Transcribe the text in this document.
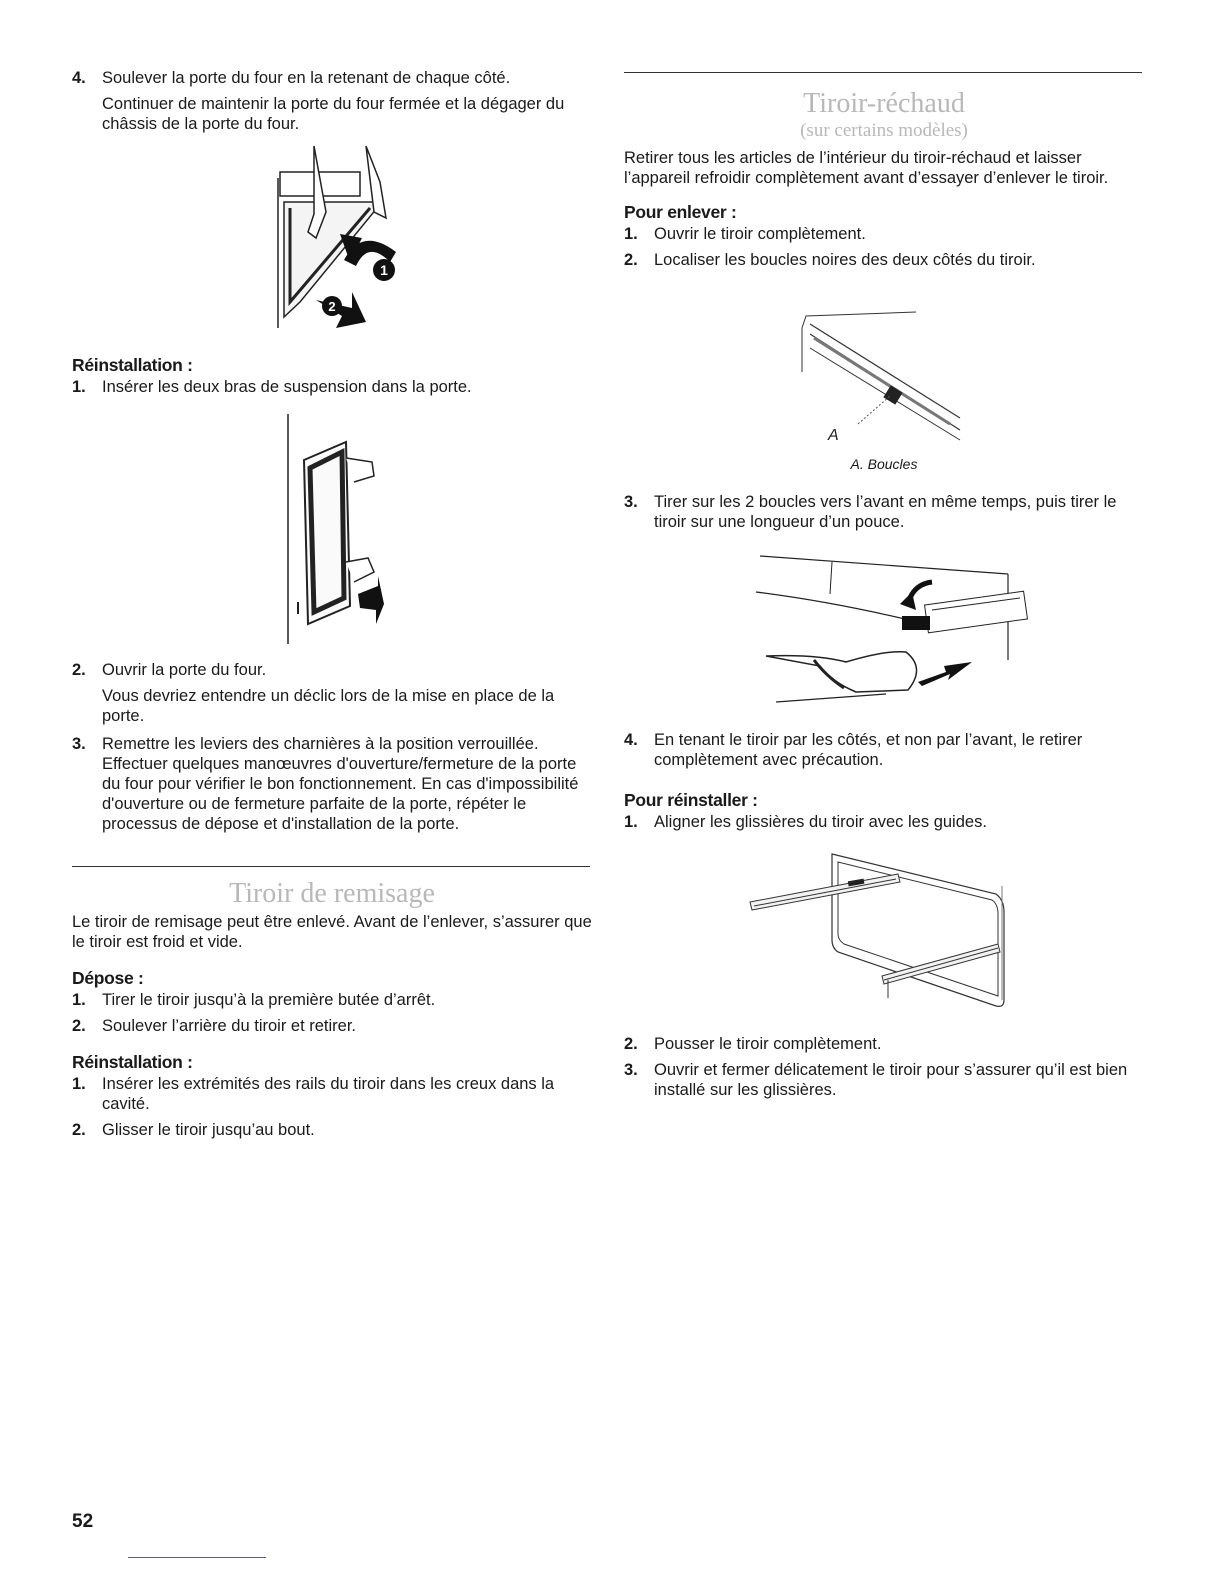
4. Soulever la porte du four en la retenant de chaque côté.

Continuer de maintenir la porte du four fermée et la dégager du châssis de la porte du four.

1
2
Réinstallation :
1. Insérer les deux bras de suspension dans la porte.

2. Ouvrir la porte du four.

Vous devriez entendre un déclic lors de la mise en place de la porte.

3. Remettre les leviers des charnières à la position verrouillée. Effectuer quelques manœuvres d'ouverture/fermeture de la porte du four pour vérifier le bon fonctionnement. En cas d'impossibilité d'ouverture ou de fermeture parfaite de la porte, répéter le processus de dépose et d'installation de la porte.

Tiroir de remisage

Le tiroir de remisage peut être enlevé. Avant de l’enlever, s’assurer que le tiroir est froid et vide.

Dépose :
1. Tirer le tiroir jusqu’à la première butée d’arrêt.

2. Soulever l’arrière du tiroir et retirer.

Réinstallation :
1. Insérer les extrémités des rails du tiroir dans les creux dans la cavité.

2. Glisser le tiroir jusqu’au bout.

52
Tiroir-réchaud
(sur certains modèles)

Retirer tous les articles de l’intérieur du tiroir-réchaud et laisser l’appareil refroidir complètement avant d’essayer d’enlever le tiroir.

Pour enlever :
1. Ouvrir le tiroir complètement.

2. Localiser les boucles noires des deux côtés du tiroir.

A
A. Boucles
3. Tirer sur les 2 boucles vers l’avant en même temps, puis tirer le tiroir sur une longueur d’un pouce.

4. En tenant le tiroir par les côtés, et non par l’avant, le retirer complètement avec précaution.

Pour réinstaller :
1. Aligner les glissières du tiroir avec les guides.

2. Pousser le tiroir complètement.

3. Ouvrir et fermer délicatement le tiroir pour s’assurer qu’il est bien installé sur les glissières.
